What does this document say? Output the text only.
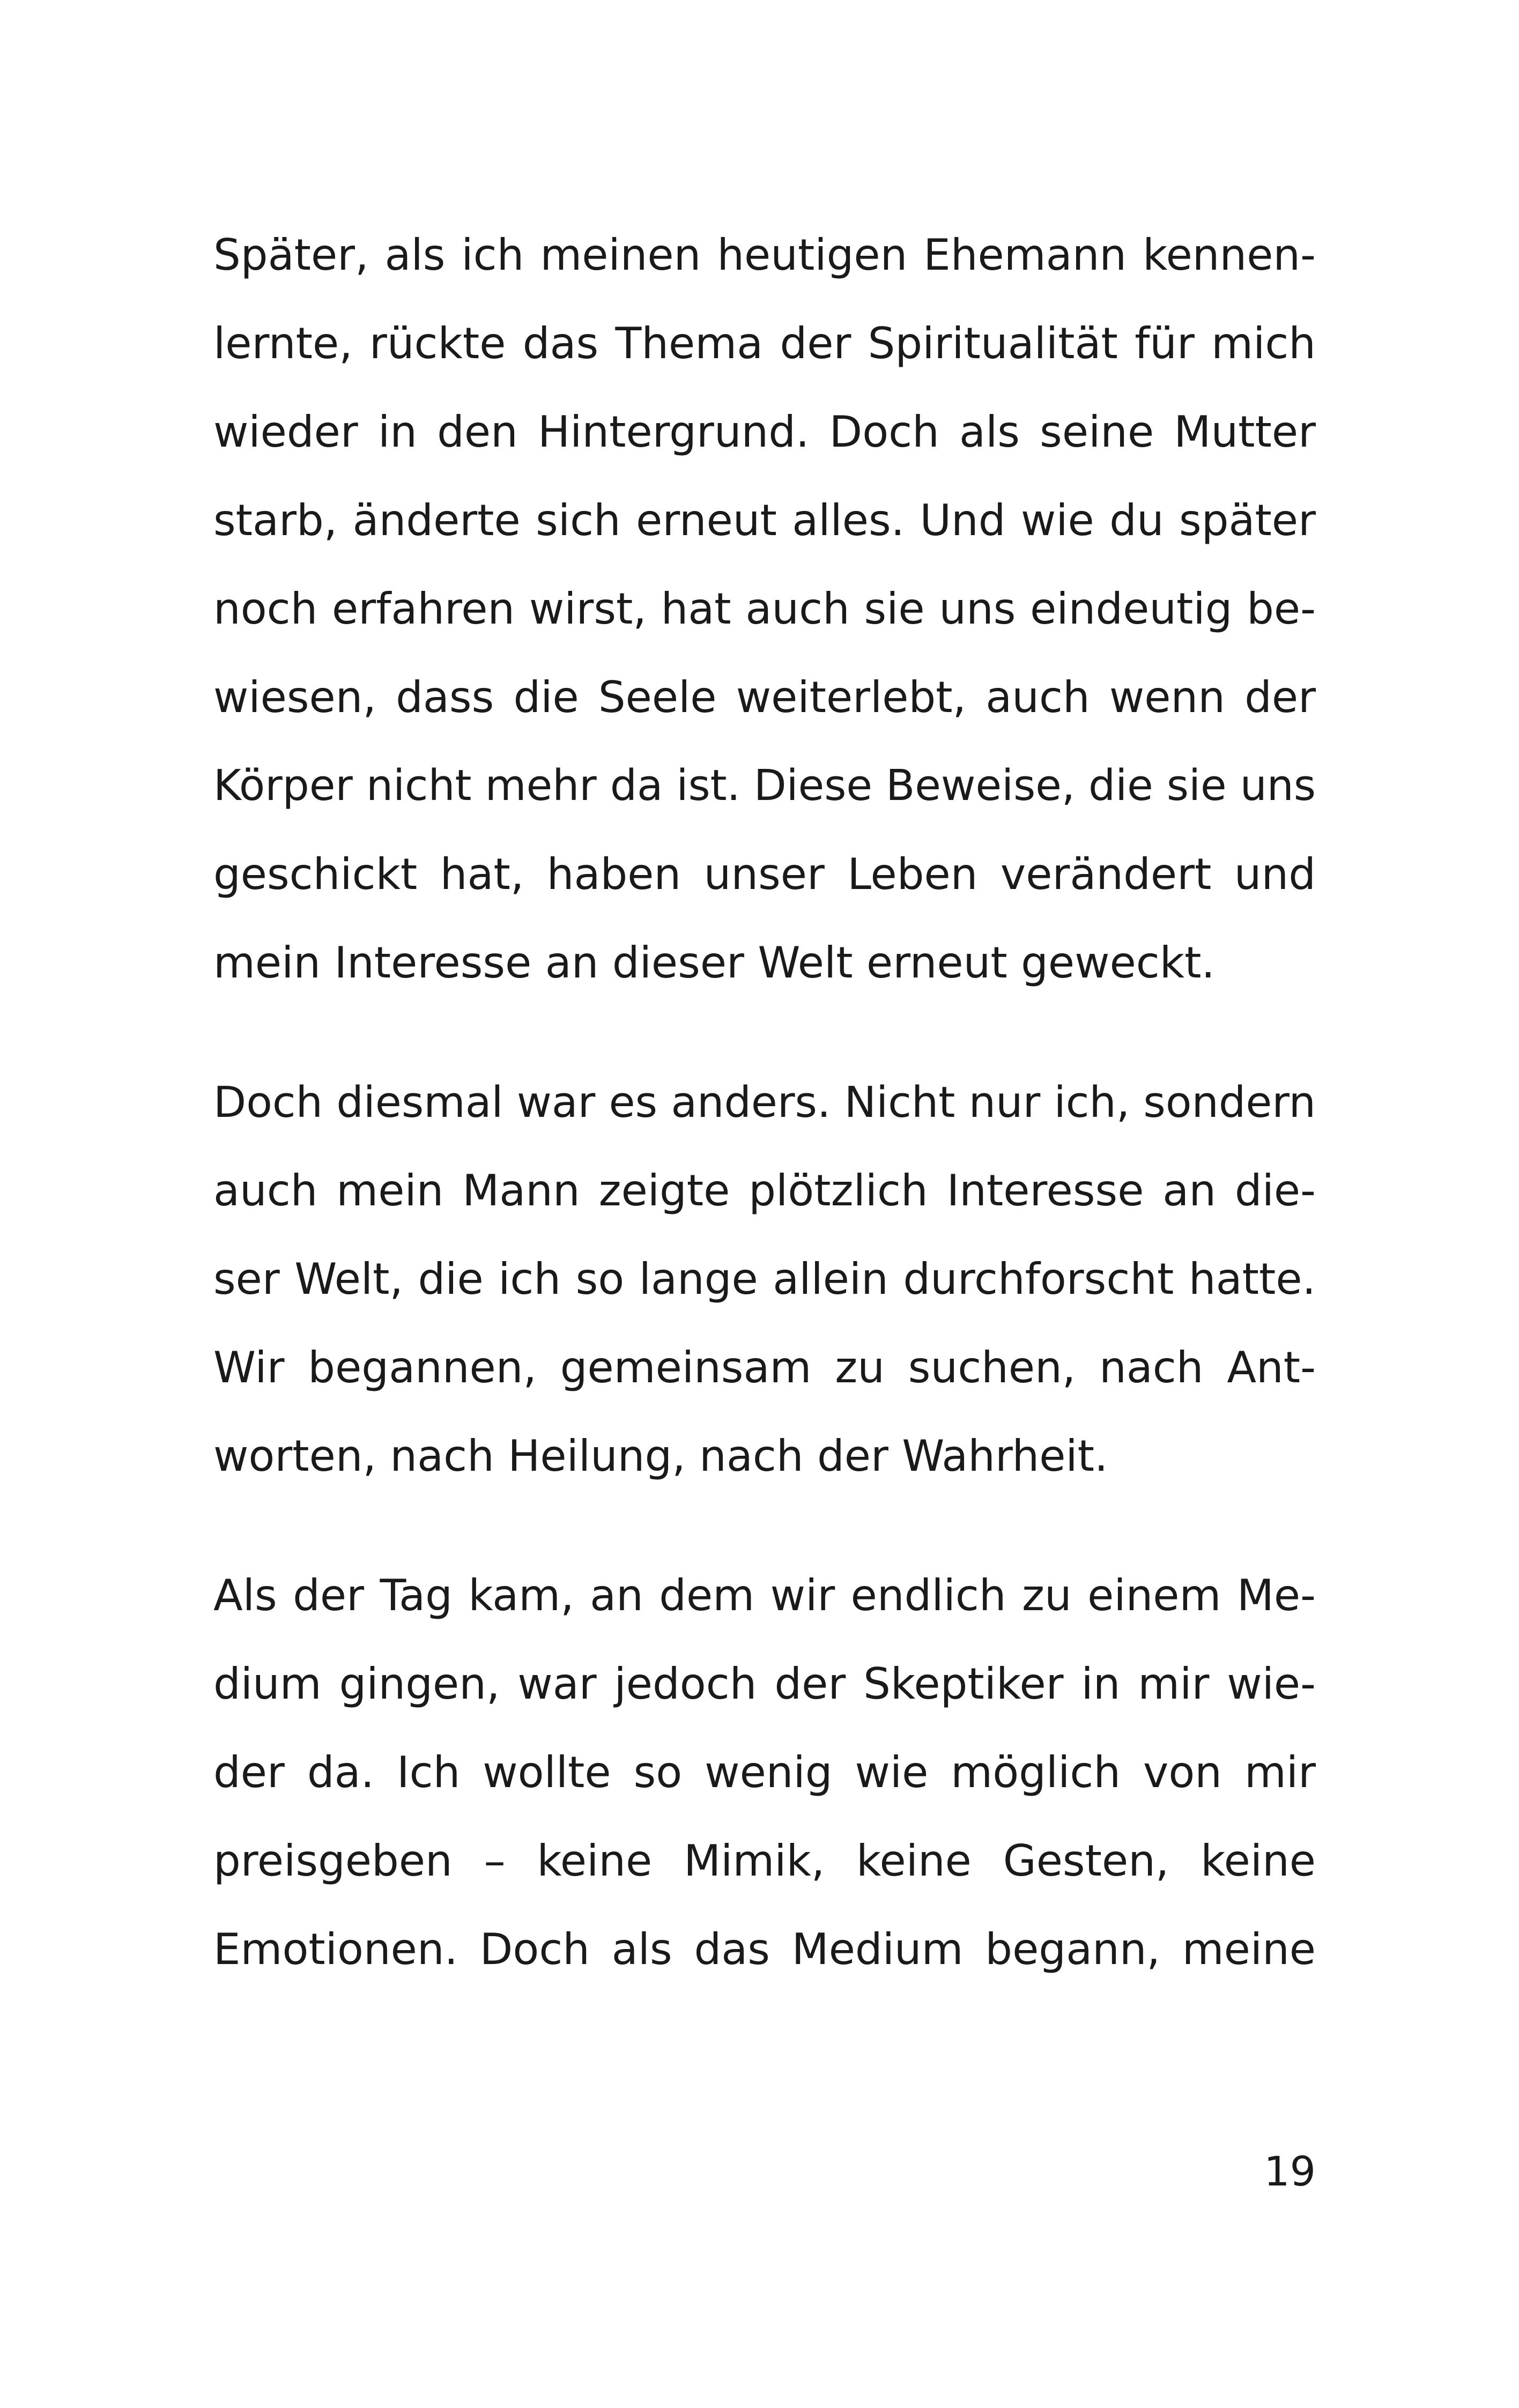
Später, als ich meinen heutigen Ehemann kennen-
lernte, rückte das Thema der Spiritualität für mich
wieder in den Hintergrund. Doch als seine Mutter
starb, änderte sich erneut alles. Und wie du später
noch erfahren wirst, hat auch sie uns eindeutig be-
wiesen, dass die Seele weiterlebt, auch wenn der
Körper nicht mehr da ist. Diese Beweise, die sie uns
geschickt hat, haben unser Leben verändert und
mein Interesse an dieser Welt erneut geweckt.

Doch diesmal war es anders. Nicht nur ich, sondern
auch mein Mann zeigte plötzlich Interesse an die-
ser Welt, die ich so lange allein durchforscht hatte.
Wir begannen, gemeinsam zu suchen, nach Ant-
worten, nach Heilung, nach der Wahrheit.

Als der Tag kam, an dem wir endlich zu einem Me-
dium gingen, war jedoch der Skeptiker in mir wie-
der da. Ich wollte so wenig wie möglich von mir
preisgeben – keine Mimik, keine Gesten, keine
Emotionen. Doch als das Medium begann, meine

19
